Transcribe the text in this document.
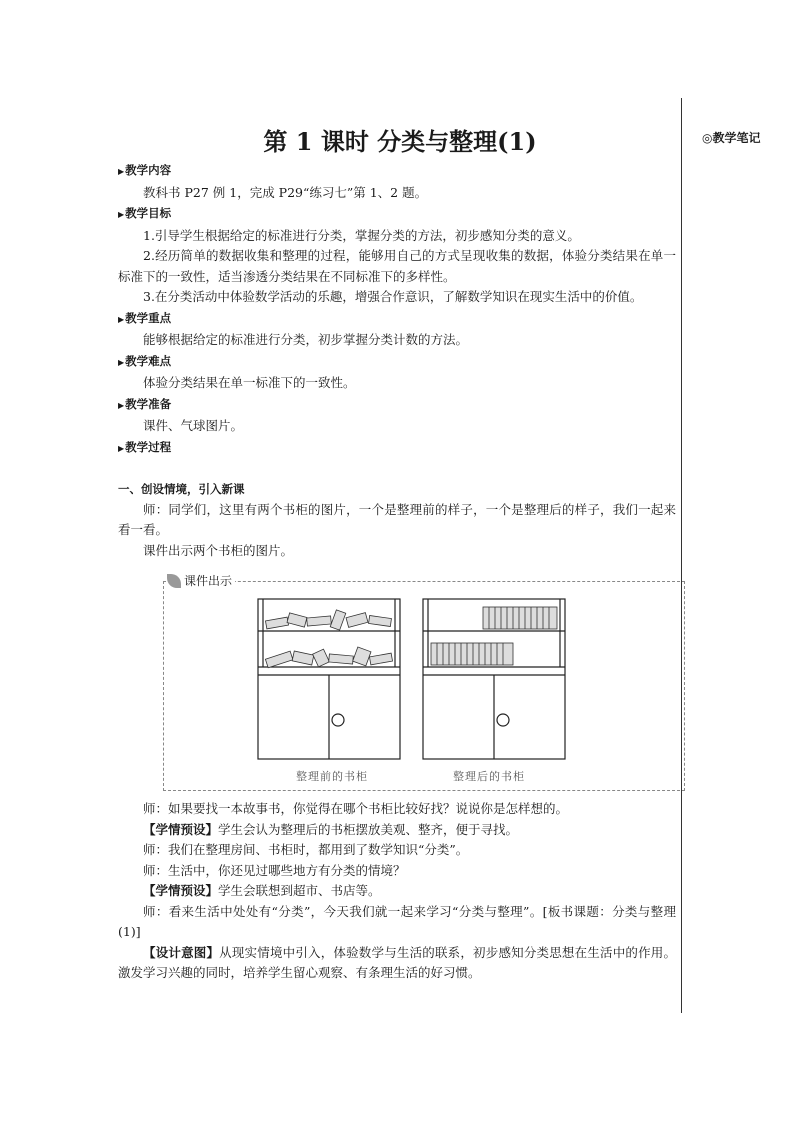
◎教学笔记
第 1 课时 分类与整理(1)
▶教学内容
教科书 P27 例 1，完成 P29“练习七”第 1、2 题。
▶教学目标
1.引导学生根据给定的标准进行分类，掌握分类的方法，初步感知分类的意义。
2.经历简单的数据收集和整理的过程，能够用自己的方式呈现收集的数据，体验分类结果在单一标准下的一致性，适当渗透分类结果在不同标准下的多样性。
3.在分类活动中体验数学活动的乐趣，增强合作意识，了解数学知识在现实生活中的价值。
▶教学重点
能够根据给定的标准进行分类，初步掌握分类计数的方法。
▶教学难点
体验分类结果在单一标准下的一致性。
▶教学准备
课件、气球图片。
▶教学过程
一、创设情境，引入新课
师：同学们，这里有两个书柜的图片，一个是整理前的样子，一个是整理后的样子，我们一起来看一看。
课件出示两个书柜的图片。
课件出示
整理前的书柜	整理后的书柜
师：如果要找一本故事书，你觉得在哪个书柜比较好找？说说你是怎样想的。
【学情预设】学生会认为整理后的书柜摆放美观、整齐，便于寻找。
师：我们在整理房间、书柜时，都用到了数学知识“分类”。
师：生活中，你还见过哪些地方有分类的情境？
【学情预设】学生会联想到超市、书店等。
师：看来生活中处处有“分类”，今天我们就一起来学习“分类与整理”。[板书课题：分类与整理(1)]
【设计意图】从现实情境中引入，体验数学与生活的联系，初步感知分类思想在生活中的作用。激发学习兴趣的同时，培养学生留心观察、有条理生活的好习惯。
